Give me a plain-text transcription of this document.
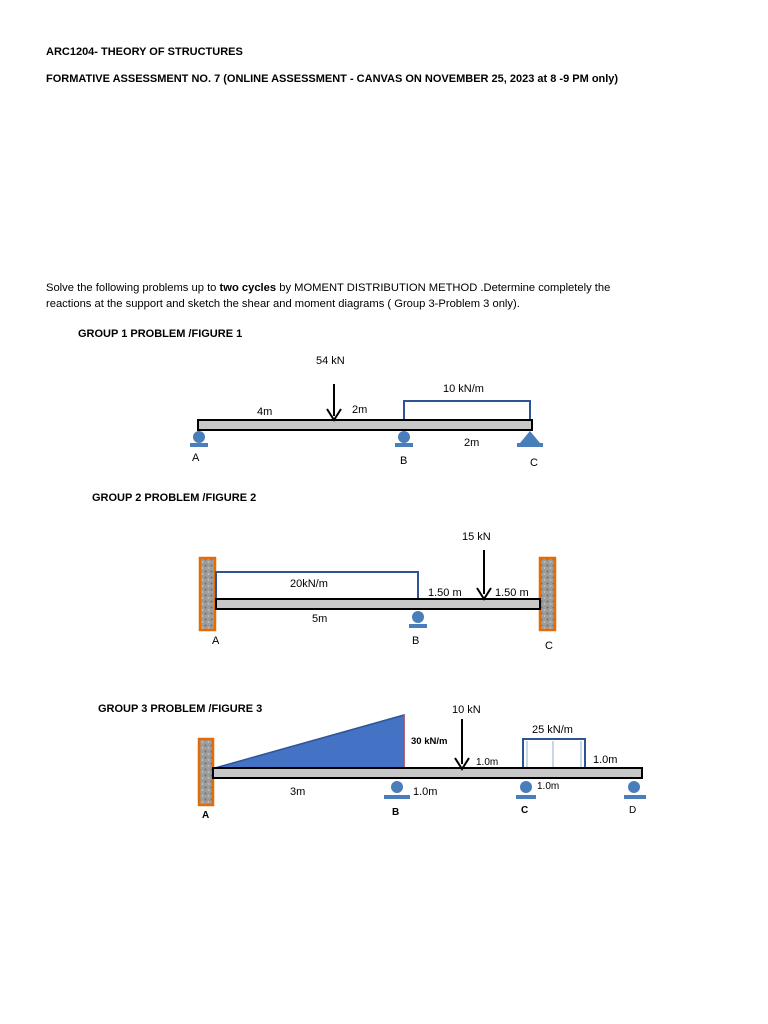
ARC1204- THEORY OF STRUCTURES
FORMATIVE ASSESSMENT NO. 7 (ONLINE ASSESSMENT - CANVAS ON NOVEMBER 25, 2023 at 8 -9 PM only)
Solve the following problems up to two cycles by MOMENT DISTRIBUTION METHOD .Determine completely the
reactions at the support and sketch the shear and moment diagrams ( Group 3-Problem 3 only).
GROUP 1 PROBLEM /FIGURE 1
GROUP 2 PROBLEM /FIGURE 2
GROUP 3 PROBLEM /FIGURE 3
54 kN
10 kN/m
4m	2m
2m
A	B	C
20kN/m
15 kN
1.50 m	1.50 m
5m
A	B	C
30 kN/m
10 kN
25 kN/m
3m	1.0m
1.0m
1.0m
1.0m
A	B	C	D
